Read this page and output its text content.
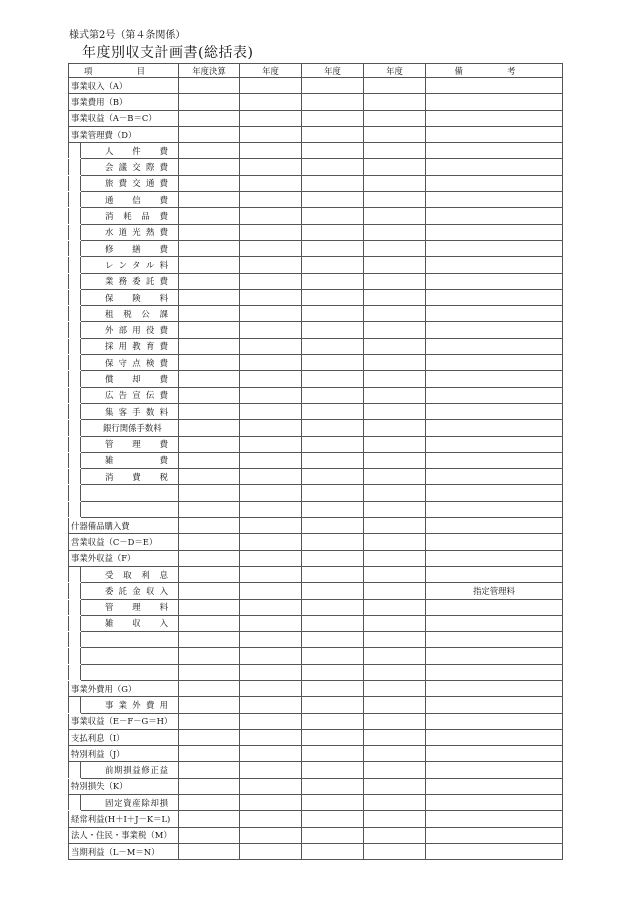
様式第2号（第４条関係）
年度別収支計画書(総括表)
項　目		年度決算	年度	年度	年度	備　考
事業収入（A）						
事業費用（B）						
事業収益（A－B＝C）						
事業管理費（D）						
	人件費					
	会議交際費					
	旅費交通費					
	通信費					
	消耗品費					
	水道光熱費					
	修繕費					
	レンタル料					
	業務委託費					
	保険料					
	租税公課					
	外部用役費					
	採用教育費					
	保守点検費					
	償却費					
	広告宣伝費					
	集客手数料					
	銀行関係手数料					
	管理費					
	雑費					
	消費税					

什器備品購入費						
営業収益（C－D＝E）						
事業外収益（F）						
	受取利息					
	委託金収入					指定管理料
	管理料					
	雑収入					

事業外費用（G）						
	事業外費用					
事業収益（E－F－G＝H）						
支払利息（I）						
特別利益（J）						
	前期損益修正益					
特別損失（K）						
	固定資産除却損					
経常利益(H＋I＋J－K＝L)						
法人・住民・事業税（M）						
当期利益（L－M＝N）						
